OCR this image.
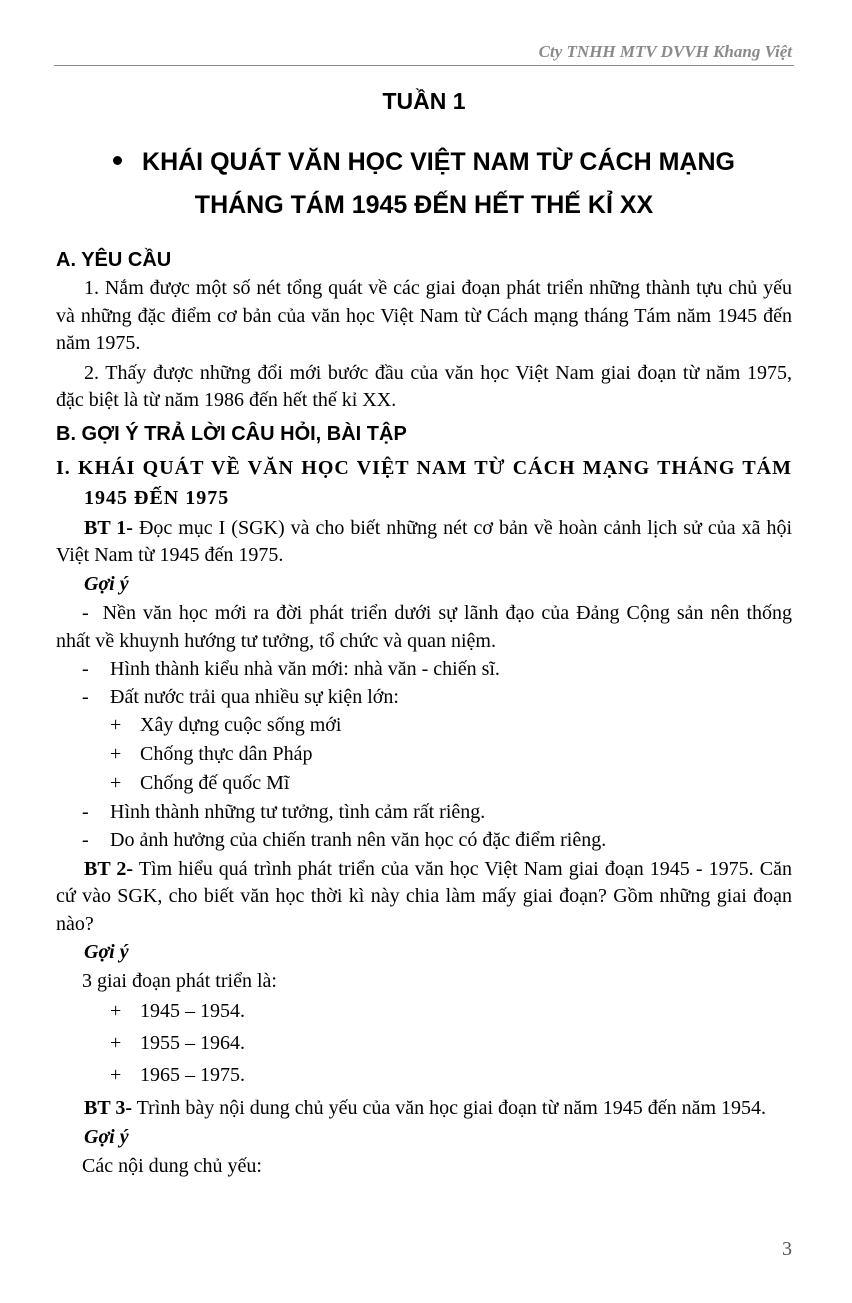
Cty TNHH MTV DVVH Khang Việt
TUẦN 1
KHÁI QUÁT VĂN HỌC VIỆT NAM TỪ CÁCH MẠNG
THÁNG TÁM 1945 ĐẾN HẾT THẾ KỈ XX
A. YÊU CẦU

1. Nắm được một số nét tổng quát về các giai đoạn phát triển những thành tựu chủ yếu và những đặc điểm cơ bản của văn học Việt Nam từ Cách mạng tháng Tám năm 1945 đến năm 1975.

2. Thấy được những đổi mới bước đầu của văn học Việt Nam giai đoạn từ năm 1975, đặc biệt là từ năm 1986 đến hết thế kỉ XX.

B. GỢI Ý TRẢ LỜI CÂU HỎI, BÀI TẬP
I. KHÁI QUÁT VỀ VĂN HỌC VIỆT NAM TỪ CÁCH MẠNG THÁNG TÁM 1945 ĐẾN 1975

BT 1- Đọc mục I (SGK) và cho biết những nét cơ bản về hoàn cảnh lịch sử của xã hội Việt Nam từ 1945 đến 1975.

Gợi ý

- Nền văn học mới ra đời phát triển dưới sự lãnh đạo của Đảng Cộng sản nên thống nhất về khuynh hướng tư tưởng, tổ chức và quan niệm.

- Hình thành kiểu nhà văn mới: nhà văn - chiến sĩ.
- Đất nước trải qua nhiều sự kiện lớn:
+ Xây dựng cuộc sống mới
+ Chống thực dân Pháp
+ Chống đế quốc Mĩ
- Hình thành những tư tưởng, tình cảm rất riêng.
- Do ảnh hưởng của chiến tranh nên văn học có đặc điểm riêng.

BT 2- Tìm hiểu quá trình phát triển của văn học Việt Nam giai đoạn 1945 - 1975. Căn cứ vào SGK, cho biết văn học thời kì này chia làm mấy giai đoạn? Gồm những giai đoạn nào?

Gợi ý
3 giai đoạn phát triển là:
+ 1945 – 1954.
+ 1955 – 1964.
+ 1965 – 1975.

BT 3- Trình bày nội dung chủ yếu của văn học giai đoạn từ năm 1945 đến năm 1954.

Gợi ý
Các nội dung chủ yếu:
3
